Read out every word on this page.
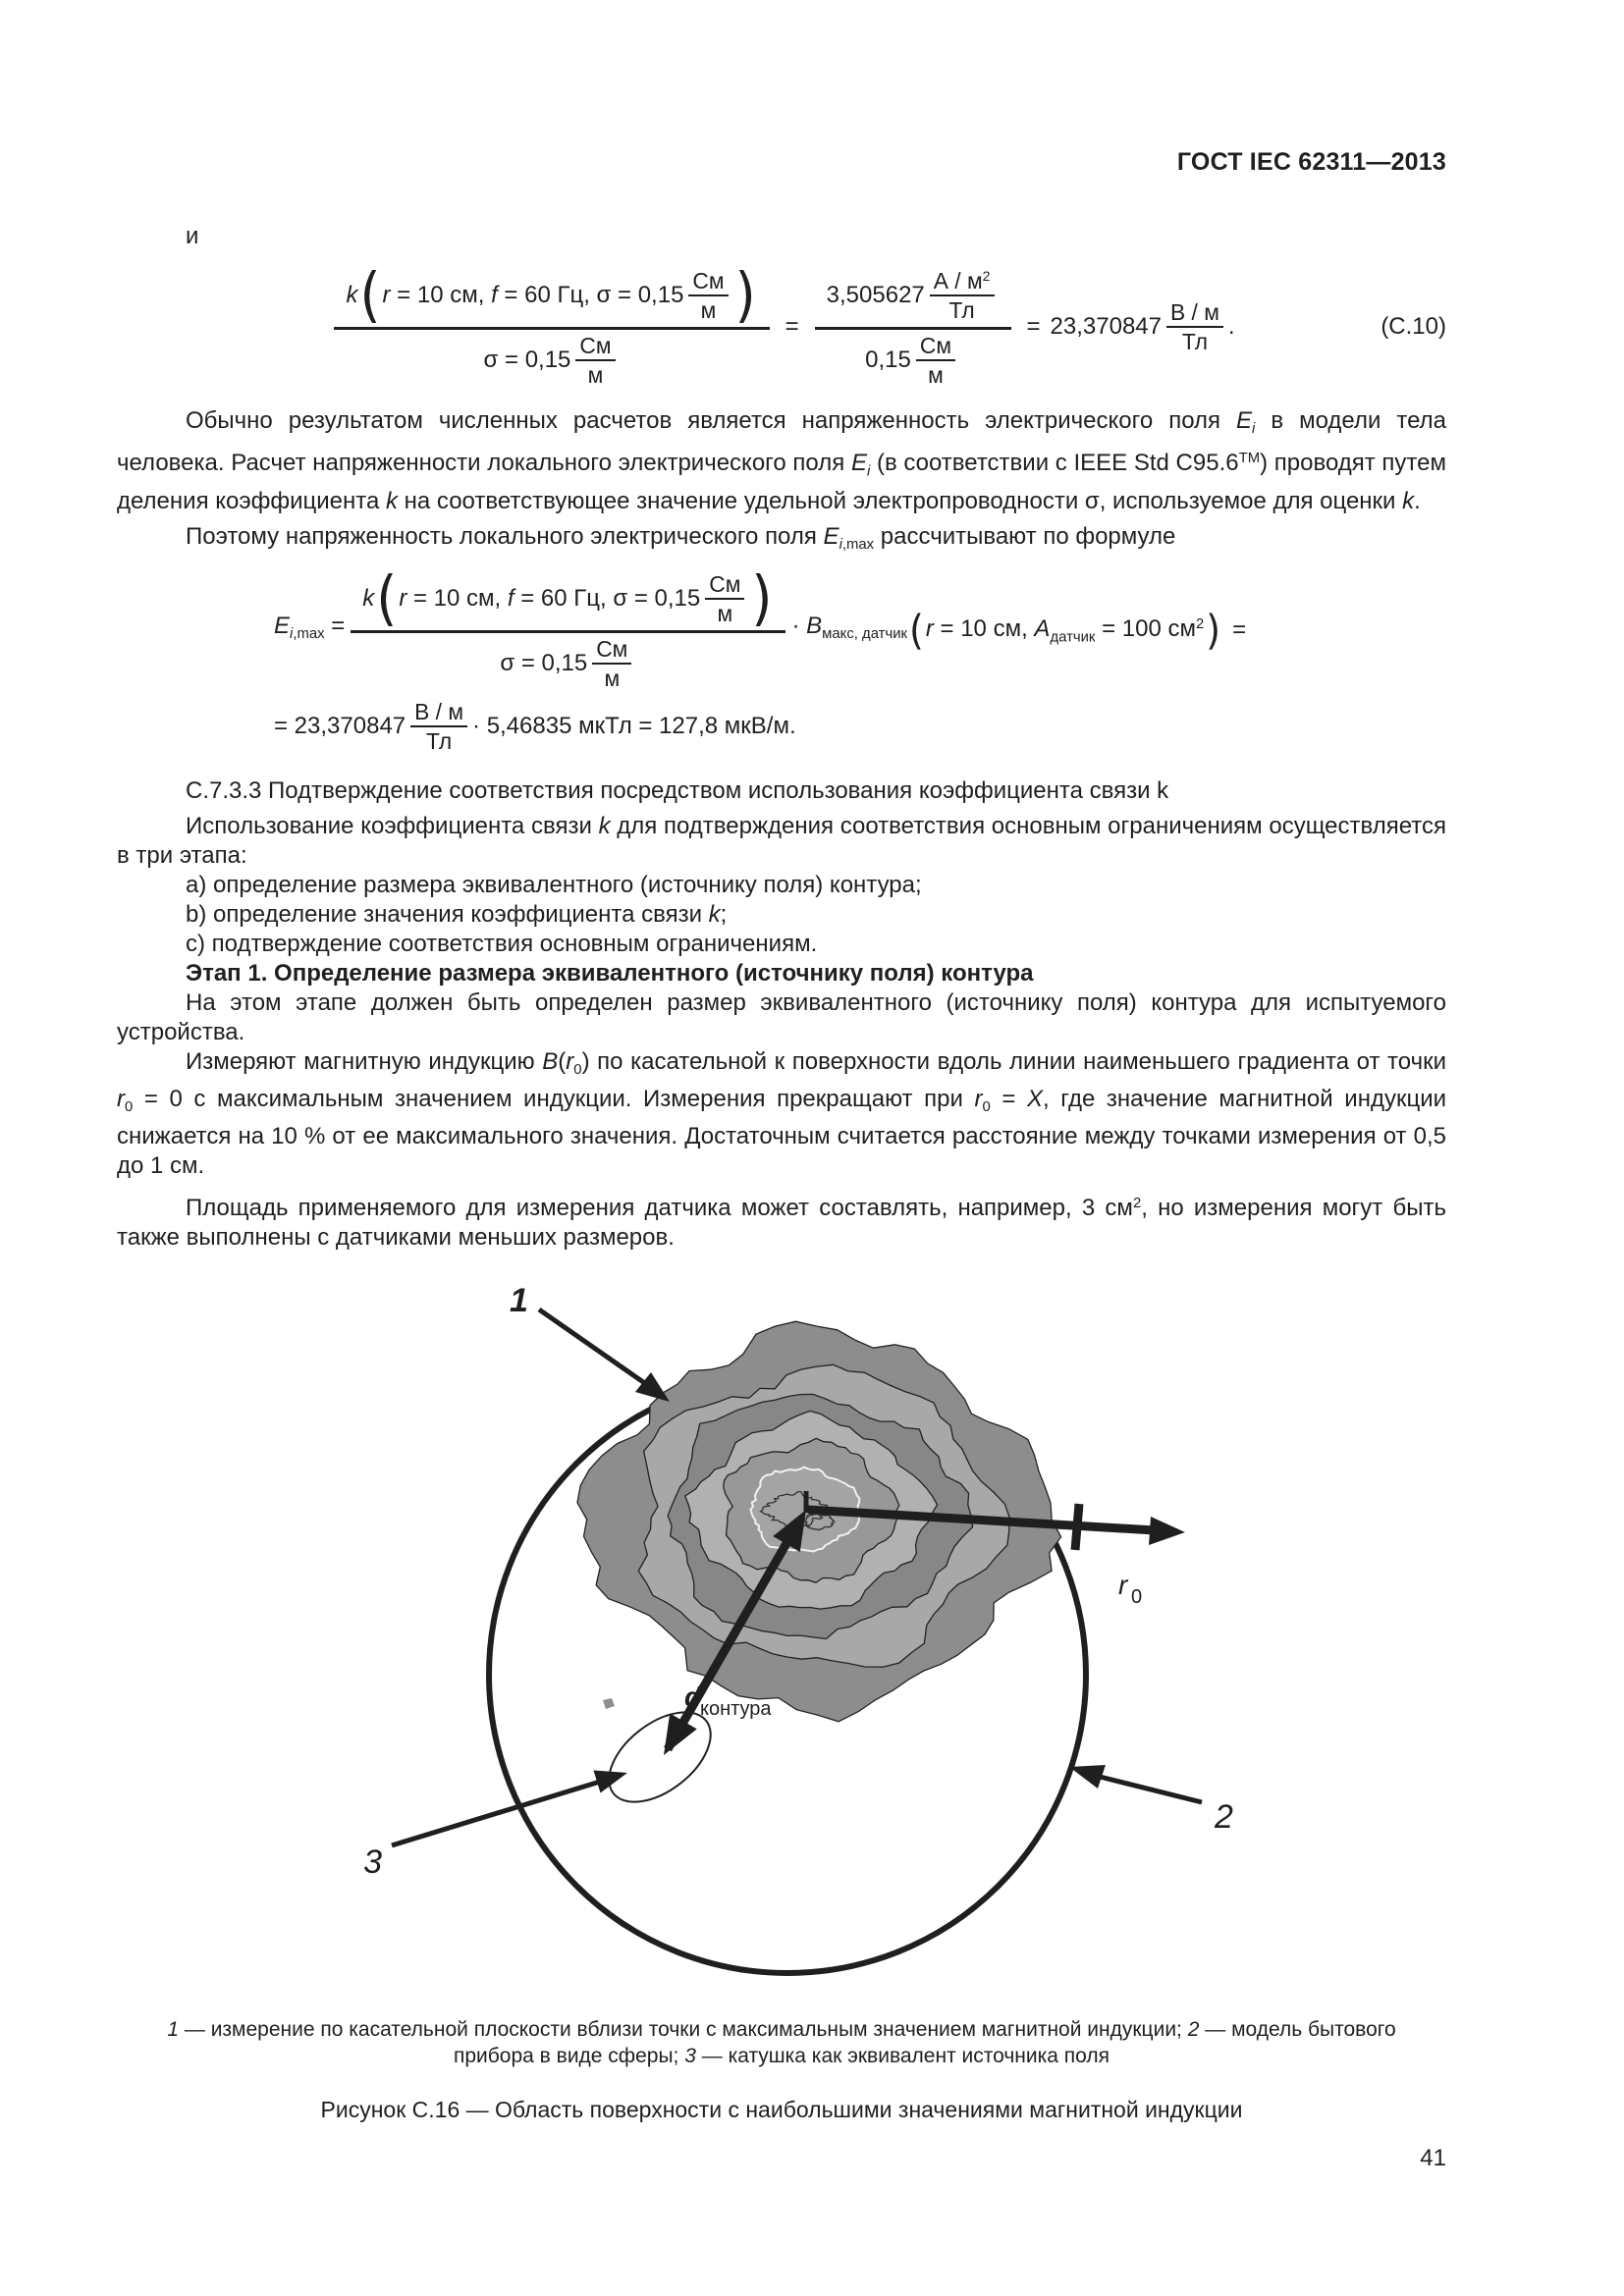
ГОСТ IEC 62311—2013
и
k ( r = 10 см, f = 60 Гц, σ = 0,15
См
м )
σ = 0,15
См
м
=
3,505627
А / $м^2$
Тл
0,15
См
м
= 23,370847
В / м
Тл
.	(С.10)

Обычно результатом численных расчетов является напряженность электрического поля $E_i$ в модели тела человека. Расчет напряженности локального электрического поля $E_i$ (в соответствии с IEEE Std C95.6™) проводят путем деления коэффициента k на соответствующее значение удельной электропроводности σ, используемое для оценки k.

Поэтому напряженность локального электрического поля $E_{i,max}$ рассчитывают по формуле

$E_{i,max}$ =
k ( r = 10 см, f = 60 Гц, σ = 0,15
См
м )
σ = 0,15
См
м
· $B_{макс, датчик}$ ( r = 10 см, $A_{датчик} = 100$ $см^2$ ) =
= 23,370847
В / м
Тл
· 5,46835 мкТл = 127,8 мкВ/м.
С.7.3.3 Подтверждение соответствия посредством использования коэффициента связи k

Использование коэффициента связи k для подтверждения соответствия основным ограничениям осуществляется в три этапа:

a) определение размера эквивалентного (источнику поля) контура;
b) определение значения коэффициента связи k;
c) подтверждение соответствия основным ограничениям.
Этап 1. Определение размера эквивалентного (источнику поля) контура

На этом этапе должен быть определен размер эквивалентного (источнику поля) контура для испытуемого устройства.

Измеряют магнитную индукцию $B(r_0)$ по касательной к поверхности вдоль линии наименьшего градиента от точки $r_0 = 0$ с максимальным значением индукции. Измерения прекращают при $r_0 = X$, где значение магнитной индукции снижается на 10 % от ее максимального значения. Достаточным считается расстояние между точками измерения от 0,5 до 1 см.

Площадь применяемого для измерения датчика может составлять, например, 3 $см^2$, но измерения могут быть также выполнены с датчиками меньших размеров.

1
r 0
d
контура
3
2
1 — измерение по касательной плоскости вблизи точки с максимальным значением магнитной индукции; 2 — модель бытового прибора в виде сферы; 3 — катушка как эквивалент источника поля
Рисунок С.16 — Область поверхности с наибольшими значениями магнитной индукции
41
